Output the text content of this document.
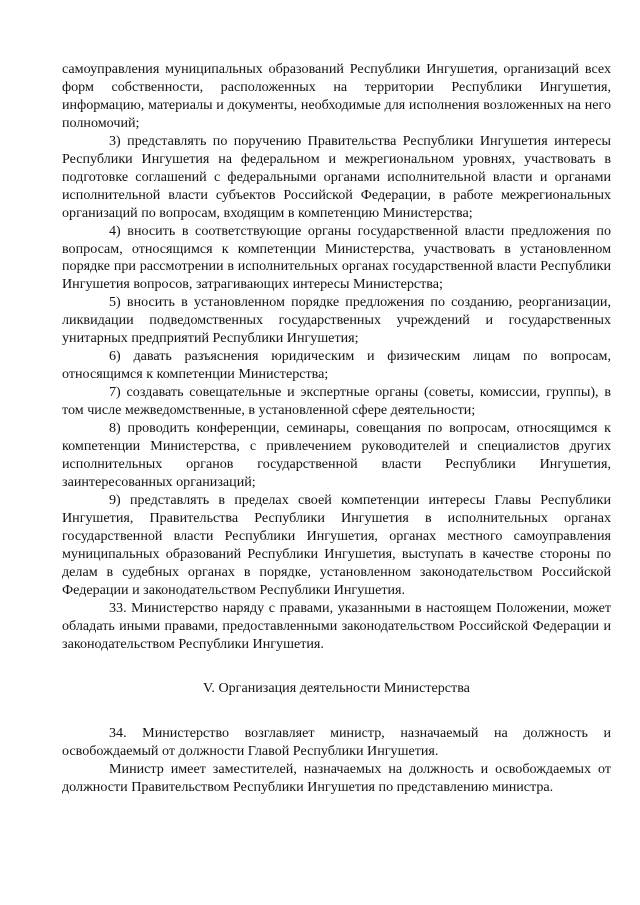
самоуправления муниципальных образований Республики Ингушетия, организаций всех форм собственности, расположенных на территории Республики Ингушетия, информацию, материалы и документы, необходимые для исполнения возложенных на него полномочий;

3) представлять по поручению Правительства Республики Ингушетия интересы Республики Ингушетия на федеральном и межрегиональном уровнях, участвовать в подготовке соглашений с федеральными органами исполнительной власти и органами исполнительной власти субъектов Российской Федерации, в работе межрегиональных организаций по вопросам, входящим в компетенцию Министерства;

4) вносить в соответствующие органы государственной власти предложения по вопросам, относящимся к компетенции Министерства, участвовать в установленном порядке при рассмотрении в исполнительных органах государственной власти Республики Ингушетия вопросов, затрагивающих интересы Министерства;

5) вносить в установленном порядке предложения по созданию, реорганизации, ликвидации подведомственных государственных учреждений и государственных унитарных предприятий Республики Ингушетия;

6) давать разъяснения юридическим и физическим лицам по вопросам, относящимся к компетенции Министерства;

7) создавать совещательные и экспертные органы (советы, комиссии, группы), в том числе межведомственные, в установленной сфере деятельности;

8) проводить конференции, семинары, совещания по вопросам, относящимся к компетенции Министерства, с привлечением руководителей и специалистов других исполнительных органов государственной власти Республики Ингушетия, заинтересованных организаций;

9) представлять в пределах своей компетенции интересы Главы Республики Ингушетия, Правительства Республики Ингушетия в исполнительных органах государственной власти Республики Ингушетия, органах местного самоуправления муниципальных образований Республики Ингушетия, выступать в качестве стороны по делам в судебных органах в порядке, установленном законодательством Российской Федерации и законодательством Республики Ингушетия.

33. Министерство наряду с правами, указанными в настоящем Положении, может обладать иными правами, предоставленными законодательством Российской Федерации и законодательством Республики Ингушетия.

V. Организация деятельности Министерства

34. Министерство возглавляет министр, назначаемый на должность и освобождаемый от должности Главой Республики Ингушетия.

Министр имеет заместителей, назначаемых на должность и освобождаемых от должности Правительством Республики Ингушетия по представлению министра.
